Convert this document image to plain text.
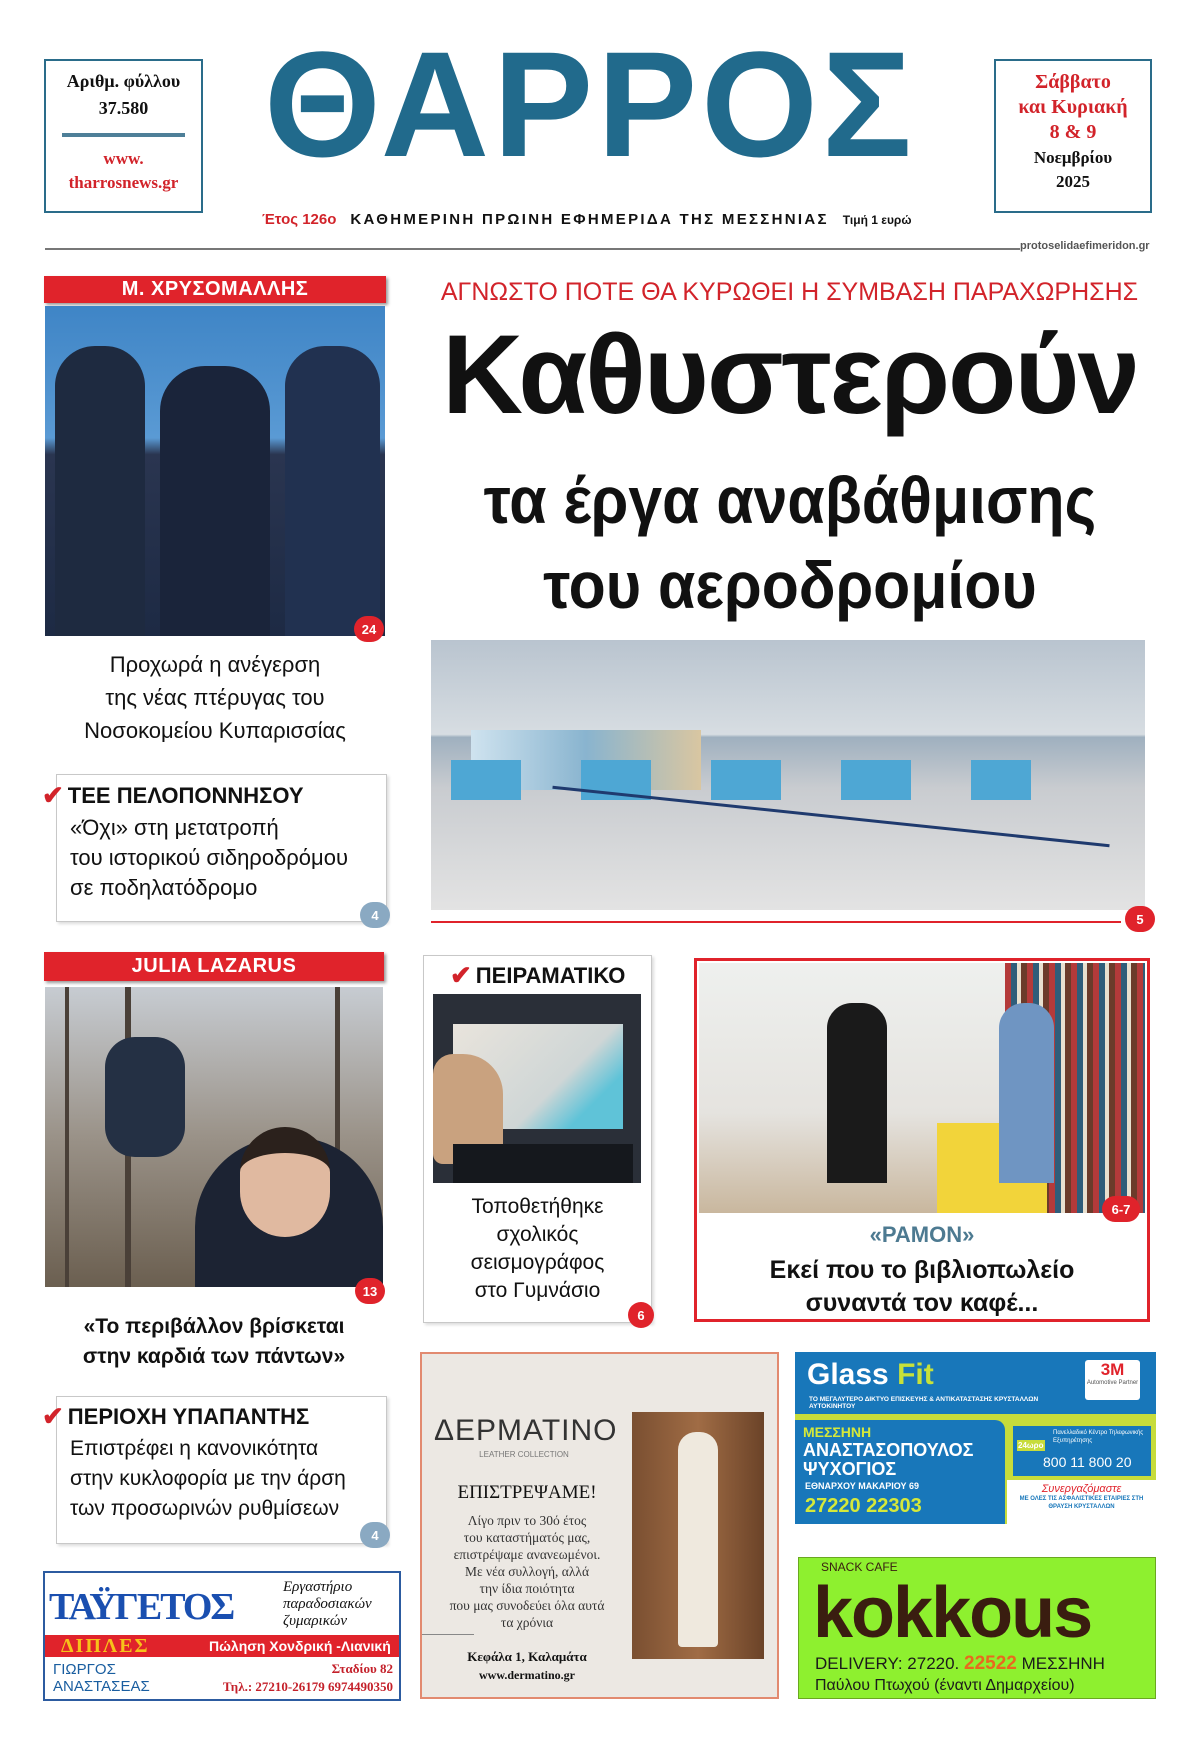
Αριθμ. φύλλου
37.580
www.
tharrosnews.gr ΘΑΡΡΟΣ	Σάββατο
και Κυριακή
8 & 9
Νοεμβρίου
2025
Έτος 126ο ΚΑΘΗΜΕΡΙΝΗ ΠΡΩΙΝΗ ΕΦΗΜΕΡΙΔΑ ΤΗΣ ΜΕΣΣΗΝΙΑΣ Τιμή 1 ευρώ
protoselidaefimeridon.gr
Μ. ΧΡΥΣΟΜΑΛΛΗΣ
24
Προχωρά η ανέγερση
της νέας πτέρυγας του
Νοσοκομείου Κυπαρισσίας
✔ ΤΕΕ ΠΕΛΟΠΟΝΝΗΣΟΥ
«Όχι» στη μετατροπή
του ιστορικού σιδηροδρόμου
σε ποδηλατόδρομο
4
ΑΓΝΩΣΤΟ ΠΟΤΕ ΘΑ ΚΥΡΩΘΕΙ Η ΣΥΜΒΑΣΗ ΠΑΡΑΧΩΡΗΣΗΣ
Καθυστερούν
τα έργα αναβάθμισης
του αεροδρομίου
5
JULIA LAZARUS
13
«Το περιβάλλον βρίσκεται
στην καρδιά των πάντων»
✔ ΠΕΡΙΟΧΗ ΥΠΑΠΑΝΤΗΣ
Επιστρέφει η κανονικότητα
στην κυκλοφορία με την άρση
των προσωρινών ρυθμίσεων
4
✔ ΠΕΙΡΑΜΑΤΙΚΟ
Τοποθετήθηκε
σχολικός
σεισμογράφος
στο Γυμνάσιο
6
6-7
«ΡΑΜΟΝ»
Εκεί που το βιβλιοπωλείο
συναντά τον καφέ...
ΔΕΡΜΑΤΙΝΟ
LEATHER COLLECTION
ΕΠΙΣΤΡΕΨΑΜΕ!
Λίγο πριν το 30ό έτος
του καταστήματός μας,
επιστρέψαμε ανανεωμένοι.
Με νέα συλλογή, αλλά
την ίδια ποιότητα
που μας συνοδεύει όλα αυτά
τα χρόνια
Κεφάλα 1, Καλαμάτα
www.dermatino.gr
Glass Fit
ΤΟ ΜΕΓΑΛΥΤΕΡΟ ΔΙΚΤΥΟ ΕΠΙΣΚΕΥΗΣ & ΑΝΤΙΚΑΤΑΣΤΑΣΗΣ ΚΡΥΣΤΑΛΛΩΝ ΑΥΤΟΚΙΝΗΤΟΥ
3M
Automotive Partner
ΜΕΣΣΗΝΗ
ΑΝΑΣΤΑΣΟΠΟΥΛΟΣ
ΨΥΧΟΓΙΟΣ
ΕΘΝΑΡΧΟΥ ΜΑΚΑΡΙΟΥ 69
27220 22303
24ωρο
Πανελλαδικό Κέντρο Τηλεφωνικής Εξυπηρέτησης
800 11 800 20
Συνεργαζόμαστε
ΜΕ ΟΛΕΣ ΤΙΣ ΑΣΦΑΛΙΣΤΙΚΕΣ ΕΤΑΙΡΙΕΣ ΣΤΗ ΘΡΑΥΣΗ ΚΡΥΣΤΑΛΛΩΝ
SNACK CAFE
kokkous
DELIVERY: 27220. 22522 ΜΕΣΣΗΝΗ
Παύλου Πτωχού (έναντι Δημαρχείου)
ΤΑΫΓΕΤΟΣ	Εργαστήριο
παραδοσιακών
ζυμαρικών
ΔΙΠΛΕΣ	Πώληση Χονδρική -Λιανική
ΓΙΩΡΓΟΣ
ΑΝΑΣΤΑΣΕΑΣ
Σταδίου 82
Τηλ.: 27210-26179 6974490350
